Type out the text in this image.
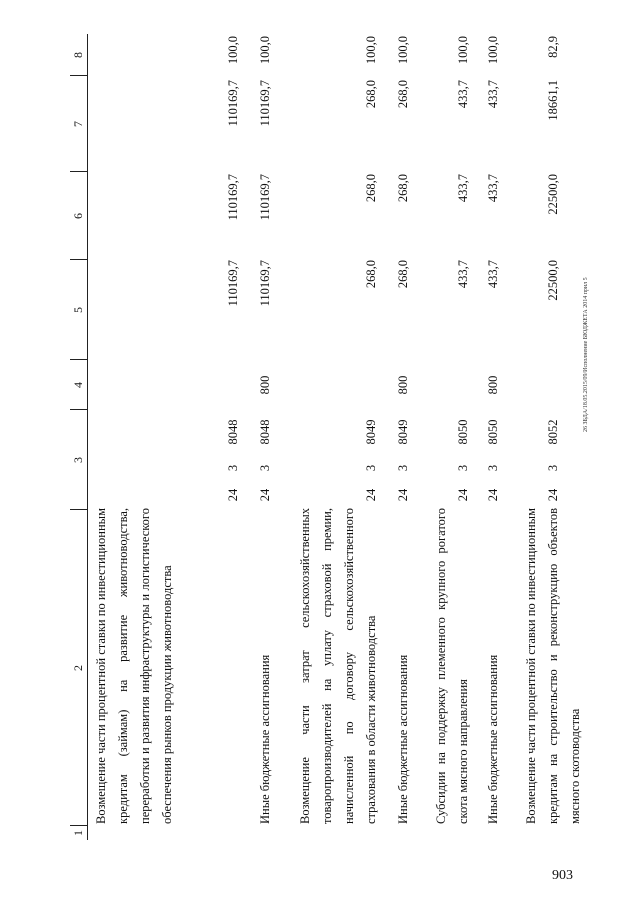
1
2
3
4
5
6
7
8
Возмещение части процентной ставки по инвестиционным кредитам (займам) на развитие животноводства, переработки и развития инфраструктуры и логистического обеспечения рынков продукции животноводства
24
3
8048
110169,7
110169,7
110169,7
100,0
Иные бюджетные ассигнования
24
3
8048
800
110169,7
110169,7
110169,7
100,0
Возмещение части затрат сельскохозяйственных товаропроизводителей на уплату страховой премии, начисленной по договору сельскохозяйственного страхования в области животноводства
24
3
8049
268,0
268,0
268,0
100,0
Иные бюджетные ассигнования
24
3
8049
800
268,0
268,0
268,0
100,0
Субсидии на поддержку племенного крупного рогатого скота мясного направления
24
3
8050
433,7
433,7
433,7
100,0
Иные бюджетные ассигнования
24
3
8050
800
433,7
433,7
433,7
100,0
Возмещение части процентной ставки по инвестиционным кредитам на строительство и реконструкцию объектов мясного скотоводства
24
3
8052
22500,0
22500,0
18661,1
82,9
26 ЗБДА/18.05.2015/09/Исполнение БЮДЖЕТА 2014 прил 5
903
